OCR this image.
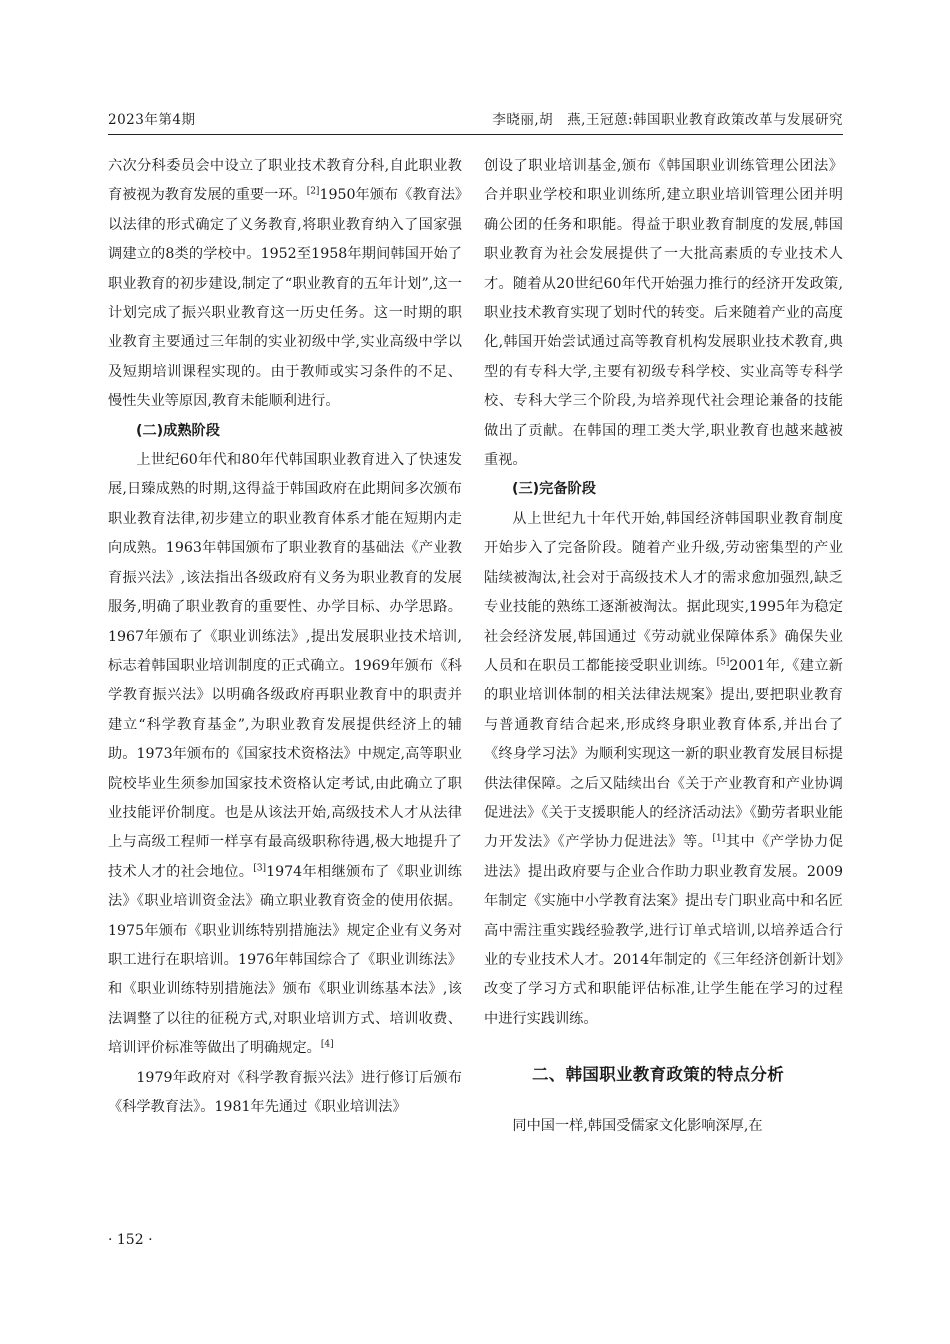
2023年第4期	李晓丽,胡　燕,王冠蒽:韩国职业教育政策改革与发展研究

六次分科委员会中设立了职业技术教育分科,自此职业教育被视为教育发展的重要一环。[2]1950年颁布《教育法》以法律的形式确定了义务教育,将职业教育纳入了国家强调建立的8类的学校中。1952至1958年期间韩国开始了职业教育的初步建设,制定了“职业教育的五年计划”,这一计划完成了振兴职业教育这一历史任务。这一时期的职业教育主要通过三年制的实业初级中学,实业高级中学以及短期培训课程实现的。由于教师或实习条件的不足、慢性失业等原因,教育未能顺利进行。

(二)成熟阶段

上世纪60年代和80年代韩国职业教育进入了快速发展,日臻成熟的时期,这得益于韩国政府在此期间多次颁布职业教育法律,初步建立的职业教育体系才能在短期内走向成熟。1963年韩国颁布了职业教育的基础法《产业教育振兴法》,该法指出各级政府有义务为职业教育的发展服务,明确了职业教育的重要性、办学目标、办学思路。1967年颁布了《职业训练法》,提出发展职业技术培训,标志着韩国职业培训制度的正式确立。1969年颁布《科学教育振兴法》以明确各级政府再职业教育中的职责并建立“科学教育基金”,为职业教育发展提供经济上的辅助。1973年颁布的《国家技术资格法》中规定,高等职业院校毕业生须参加国家技术资格认定考试,由此确立了职业技能评价制度。也是从该法开始,高级技术人才从法律上与高级工程师一样享有最高级职称待遇,极大地提升了技术人才的社会地位。[3]1974年相继颁布了《职业训练法》《职业培训资金法》确立职业教育资金的使用依据。1975年颁布《职业训练特别措施法》规定企业有义务对职工进行在职培训。1976年韩国综合了《职业训练法》和《职业训练特别措施法》颁布《职业训练基本法》,该法调整了以往的征税方式,对职业培训方式、培训收费、培训评价标准等做出了明确规定。[4]

1979年政府对《科学教育振兴法》进行修订后颁布《科学教育法》。1981年先通过《职业培训法》

创设了职业培训基金,颁布《韩国职业训练管理公团法》合并职业学校和职业训练所,建立职业培训管理公团并明确公团的任务和职能。得益于职业教育制度的发展,韩国职业教育为社会发展提供了一大批高素质的专业技术人才。随着从20世纪60年代开始强力推行的经济开发政策,职业技术教育实现了划时代的转变。后来随着产业的高度化,韩国开始尝试通过高等教育机构发展职业技术教育,典型的有专科大学,主要有初级专科学校、实业高等专科学校、专科大学三个阶段,为培养现代社会理论兼备的技能做出了贡献。在韩国的理工类大学,职业教育也越来越被重视。

(三)完备阶段

从上世纪九十年代开始,韩国经济韩国职业教育制度开始步入了完备阶段。随着产业升级,劳动密集型的产业陆续被淘汰,社会对于高级技术人才的需求愈加强烈,缺乏专业技能的熟练工逐渐被淘汰。据此现实,1995年为稳定社会经济发展,韩国通过《劳动就业保障体系》确保失业人员和在职员工都能接受职业训练。[5]2001年,《建立新的职业培训体制的相关法律法规案》提出,要把职业教育与普通教育结合起来,形成终身职业教育体系,并出台了《终身学习法》为顺利实现这一新的职业教育发展目标提供法律保障。之后又陆续出台《关于产业教育和产业协调促进法》《关于支援职能人的经济活动法》《勤劳者职业能力开发法》《产学协力促进法》等。[1]其中《产学协力促进法》提出政府要与企业合作助力职业教育发展。2009年制定《实施中小学教育法案》提出专门职业高中和名匠高中需注重实践经验教学,进行订单式培训,以培养适合行业的专业技术人才。2014年制定的《三年经济创新计划》改变了学习方式和职能评估标准,让学生能在学习的过程中进行实践训练。

二、韩国职业教育政策的特点分析

同中国一样,韩国受儒家文化影响深厚,在

· 152 ·
